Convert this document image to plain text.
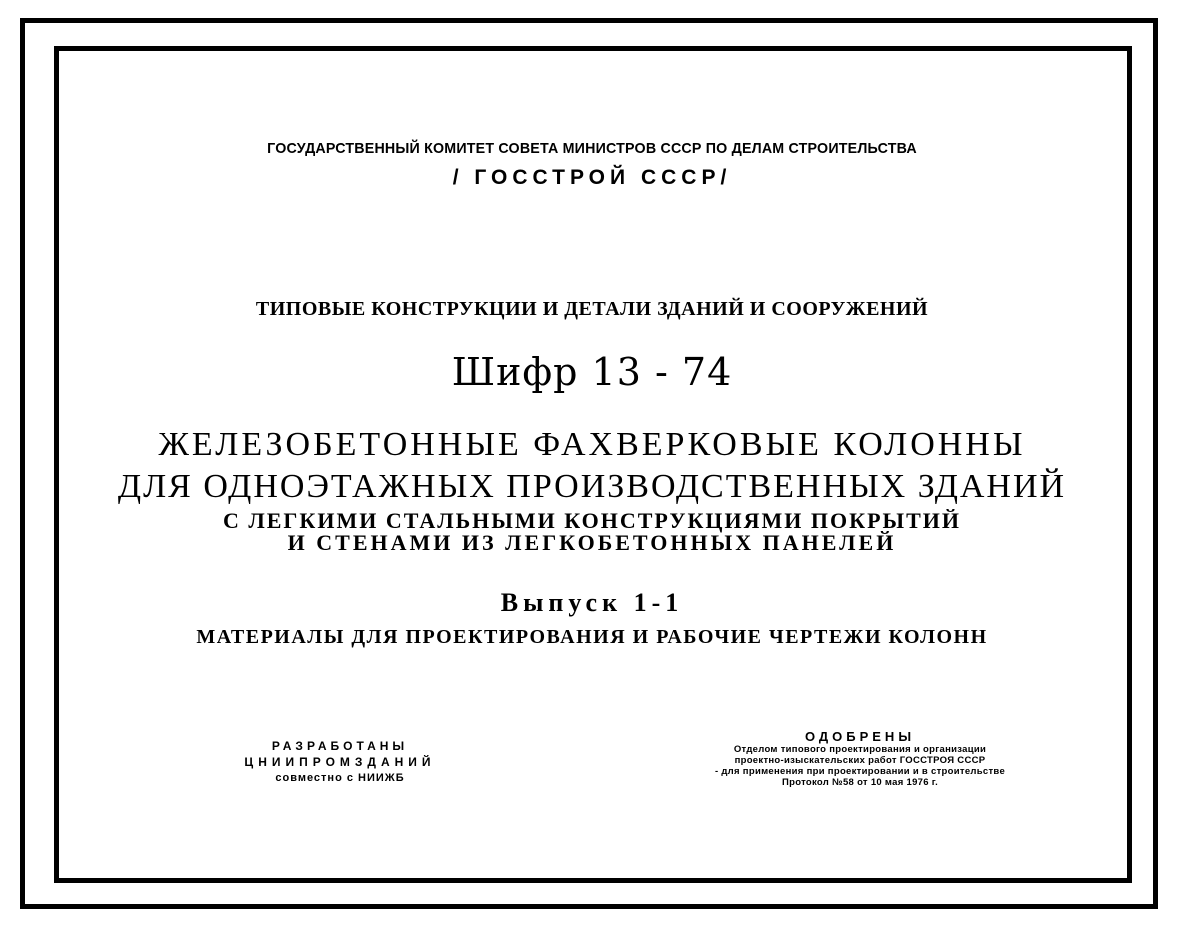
ГОСУДАРСТВЕННЫЙ КОМИТЕТ СОВЕТА МИНИСТРОВ СССР ПО ДЕЛАМ СТРОИТЕЛЬСТВА
/ ГОССТРОЙ СССР/
ТИПОВЫЕ КОНСТРУКЦИИ И ДЕТАЛИ ЗДАНИЙ И СООРУЖЕНИЙ
Шифр 13 - 74
ЖЕЛЕЗОБЕТОННЫЕ ФАХВЕРКОВЫЕ КОЛОННЫ
ДЛЯ ОДНОЭТАЖНЫХ ПРОИЗВОДСТВЕННЫХ ЗДАНИЙ
С ЛЕГКИМИ СТАЛЬНЫМИ КОНСТРУКЦИЯМИ ПОКРЫТИЙ
И СТЕНАМИ ИЗ ЛЕГКОБЕТОННЫХ ПАНЕЛЕЙ
Выпуск 1-1
МАТЕРИАЛЫ ДЛЯ ПРОЕКТИРОВАНИЯ И РАБОЧИЕ ЧЕРТЕЖИ КОЛОНН
РАЗРАБОТАНЫ
ЦНИИПРОМЗДАНИЙ
совместно с НИИЖБ
ОДОБРЕНЫ
Отделом типового проектирования и организации
проектно-изыскательских работ ГОССТРОЯ СССР
- для применения при проектировании и в строительстве
Протокол №58 от 10 мая 1976 г.
